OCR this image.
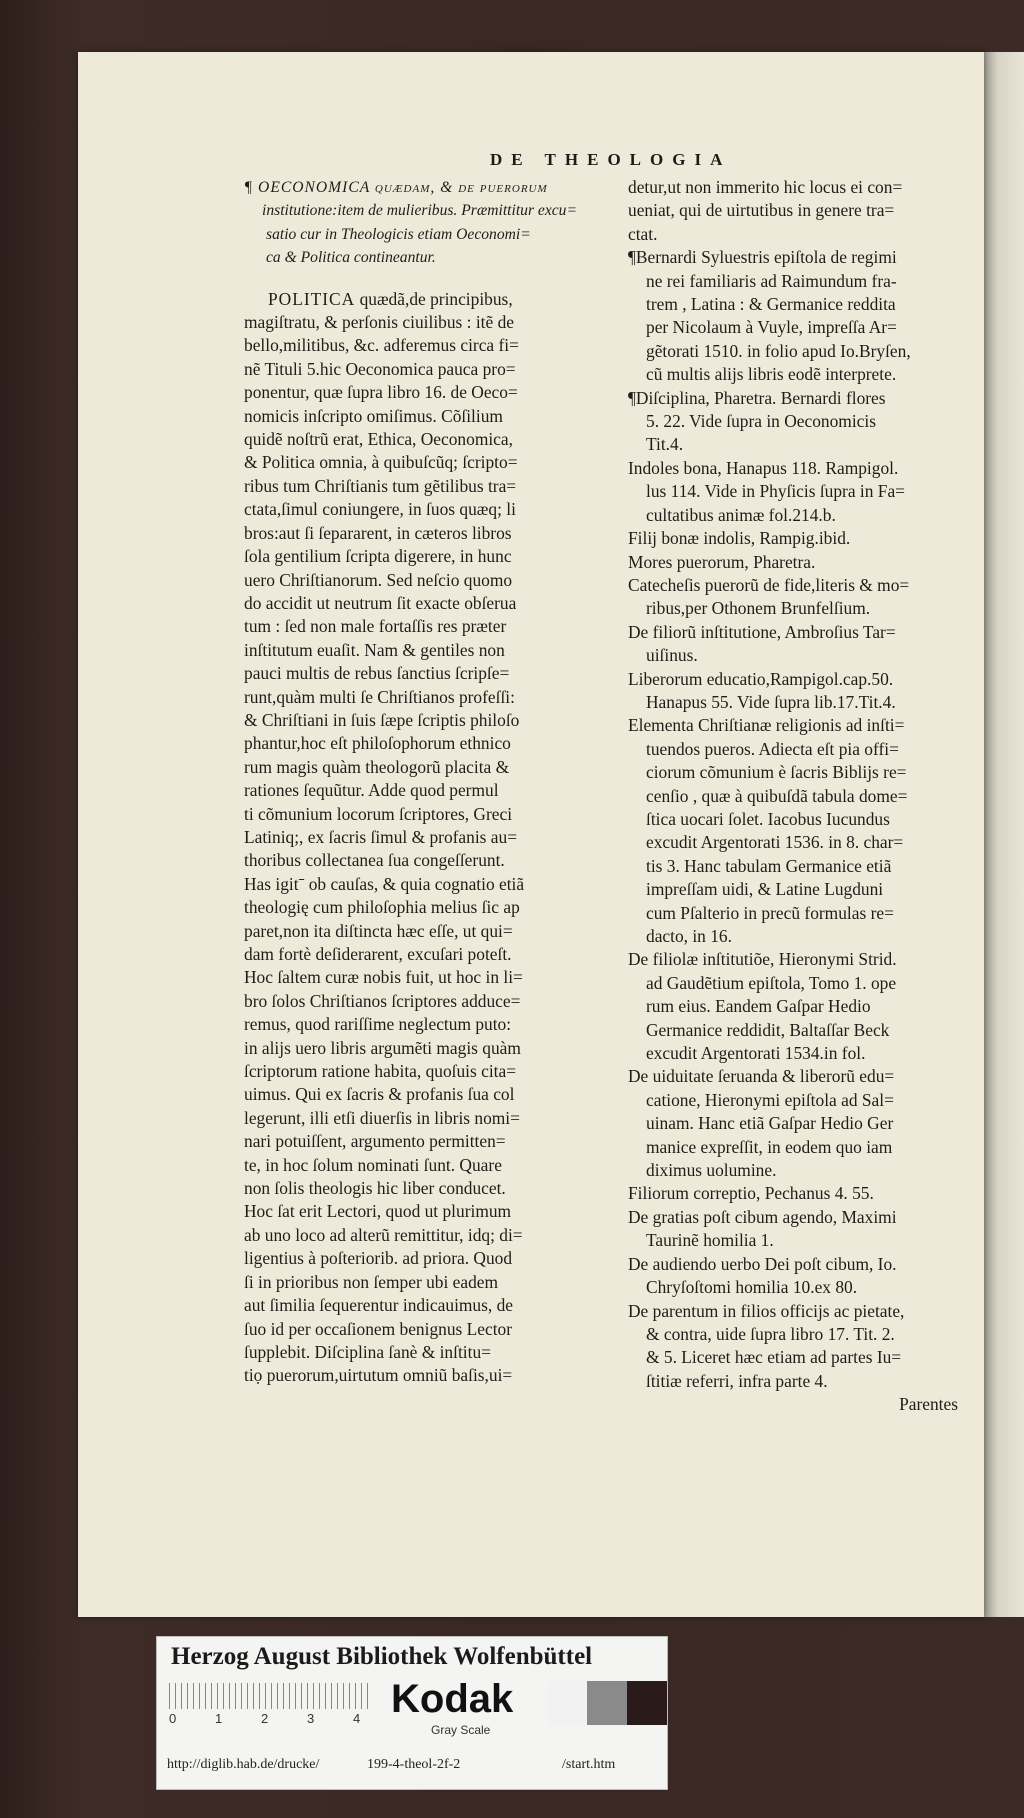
DE THEOLOGIA
¶ OECONOMICA quædam, & de puerorum
institutione:item de mulieribus. Præmittitur excu=
satio cur in Theologicis etiam Oeconomi=
ca & Politica contineantur.
POLITICA quædã,de principibus,
magiſtratu, & perſonis ciuilibus : itẽ de
bello,militibus, &c. adferemus circa fi=
nẽ Tituli 5.hic Oeconomica pauca pro=
ponentur, quæ ſupra libro 16. de Oeco=
nomicis inſcripto omiſimus. Cõſilium
quidẽ noſtrũ erat, Ethica, Oeconomica,
& Politica omnia, à quibuſcũq; ſcripto=
ribus tum Chriſtianis tum gẽtilibus tra=
ctata,ſimul coniungere, in ſuos quæq; li
bros:aut ſi ſepararent, in cæteros libros
ſola gentilium ſcripta digerere, in hunc
uero Chriſtianorum. Sed neſcio quomo
do accidit ut neutrum ſit exacte obſerua
tum : ſed non male fortaſſis res præter
inſtitutum euaſit. Nam & gentiles non
pauci multis de rebus ſanctius ſcripſe=
runt,quàm multi ſe Chriſtianos profeſſi:
& Chriſtiani in ſuis ſæpe ſcriptis philoſo
phantur,hoc eſt philoſophorum ethnico
rum magis quàm theologorũ placita &
rationes ſequũtur. Adde quod permul
ti cõmunium locorum ſcriptores, Greci
Latiniq;, ex ſacris ſimul & profanis au=
thoribus collectanea ſua congeſſerunt.
Has igitˉ ob cauſas, & quia cognatio etiã
theologię cum philoſophia melius ſic ap
paret,non ita diſtincta hæc eſſe, ut qui=
dam fortè deſiderarent, excuſari poteſt.
Hoc ſaltem curæ nobis fuit, ut hoc in li=
bro ſolos Chriſtianos ſcriptores adduce=
remus, quod rariſſime neglectum puto:
in alijs uero libris argumẽti magis quàm
ſcriptorum ratione habita, quoſuis cita=
uimus. Qui ex ſacris & profanis ſua col
legerunt, illi etſi diuerſis in libris nomi=
nari potuiſſent, argumento permitten=
te, in hoc ſolum nominati ſunt. Quare
non ſolis theologis hic liber conducet.
Hoc ſat erit Lectori, quod ut plurimum
ab uno loco ad alterũ remittitur, idq; di=
ligentius à poſteriorib. ad priora. Quod
ſi in prioribus non ſemper ubi eadem
aut ſimilia ſequerentur indicauimus, de
ſuo id per occaſionem benignus Lector
ſupplebit. Diſciplina ſanè & inſtitu=
tiọ puerorum,uirtutum omniũ baſis,ui=
detur,ut non immerito hic locus ei con=
ueniat, qui de uirtutibus in genere tra=
ctat.
¶Bernardi Syluestris epiſtola de regimi
ne rei familiaris ad Raimundum fra-
trem , Latina : & Germanice reddita
per Nicolaum à Vuyle, impreſſa Ar=
gẽtorati 1510. in folio apud Io.Bryſen,
cũ multis alijs libris eodẽ interprete.
¶Diſciplina, Pharetra. Bernardi flores
5. 22. Vide ſupra in Oeconomicis
Tit.4.
Indoles bona, Hanapus 118. Rampigol.
lus 114. Vide in Phyſicis ſupra in Fa=
cultatibus animæ fol.214.b.
Filij bonæ indolis, Rampig.ibid.
Mores puerorum, Pharetra.
Catecheſis puerorũ de fide,literis & mo=
ribus,per Othonem Brunfelſium.
De filiorũ inſtitutione, Ambroſius Tar=
uiſinus.
Liberorum educatio,Rampigol.cap.50.
Hanapus 55. Vide ſupra lib.17.Tit.4.
Elementa Chriſtianæ religionis ad inſti=
tuendos pueros. Adiecta eſt pia offi=
ciorum cõmunium è ſacris Biblijs re=
cenſio , quæ à quibuſdã tabula dome=
ſtica uocari ſolet. Iacobus Iucundus
excudit Argentorati 1536. in 8. char=
tis 3. Hanc tabulam Germanice etiã
impreſſam uidi, & Latine Lugduni
cum Pſalterio in precũ formulas re=
dacto, in 16.
De filiolæ inſtitutiõe, Hieronymi Strid.
ad Gaudẽtium epiſtola, Tomo 1. ope
rum eius. Eandem Gaſpar Hedio
Germanice reddidit, Baltaſſar Beck
excudit Argentorati 1534.in fol.
De uiduitate ſeruanda & liberorũ edu=
catione, Hieronymi epiſtola ad Sal=
uinam. Hanc etiã Gaſpar Hedio Ger
manice expreſſit, in eodem quo iam
diximus uolumine.
Filiorum correptio, Pechanus 4. 55.
De gratias poſt cibum agendo, Maximi
Taurinẽ homilia 1.
De audiendo uerbo Dei poſt cibum, Io.
Chryſoſtomi homilia 10.ex 80.
De parentum in filios officijs ac pietate,
& contra, uide ſupra libro 17. Tit. 2.
& 5. Liceret hæc etiam ad partes Iu=
ſtitiæ referri, infra parte 4.
Parentes
Herzog August Bibliothek Wolfenbüttel
0	1	2	3	4 Kodak
Gray Scale
http://diglib.hab.de/drucke/	199-4-theol-2f-2	/start.htm
